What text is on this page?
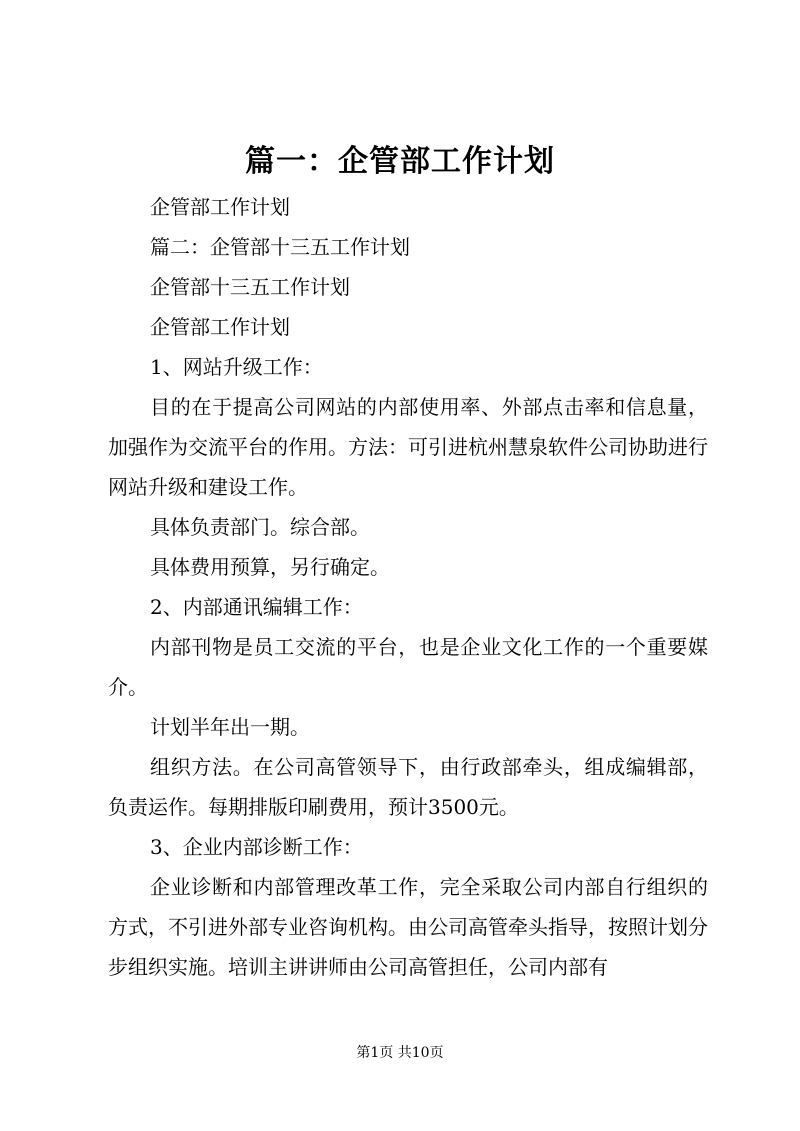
篇一：企管部工作计划

企管部工作计划

篇二：企管部十三五工作计划

企管部十三五工作计划

企管部工作计划

1、网站升级工作：

目的在于提高公司网站的内部使用率、外部点击率和信息量，加强作为交流平台的作用。方法：可引进杭州慧泉软件公司协助进行网站升级和建设工作。

具体负责部门。综合部。

具体费用预算，另行确定。

2、内部通讯编辑工作：

内部刊物是员工交流的平台，也是企业文化工作的一个重要媒介。

计划半年出一期。

组织方法。在公司高管领导下，由行政部牵头，组成编辑部，负责运作。每期排版印刷费用，预计3500元。

3、企业内部诊断工作：

企业诊断和内部管理改革工作，完全采取公司内部自行组织的方式，不引进外部专业咨询机构。由公司高管牵头指导，按照计划分步组织实施。培训主讲讲师由公司高管担任，公司内部有

第1页 共10页
